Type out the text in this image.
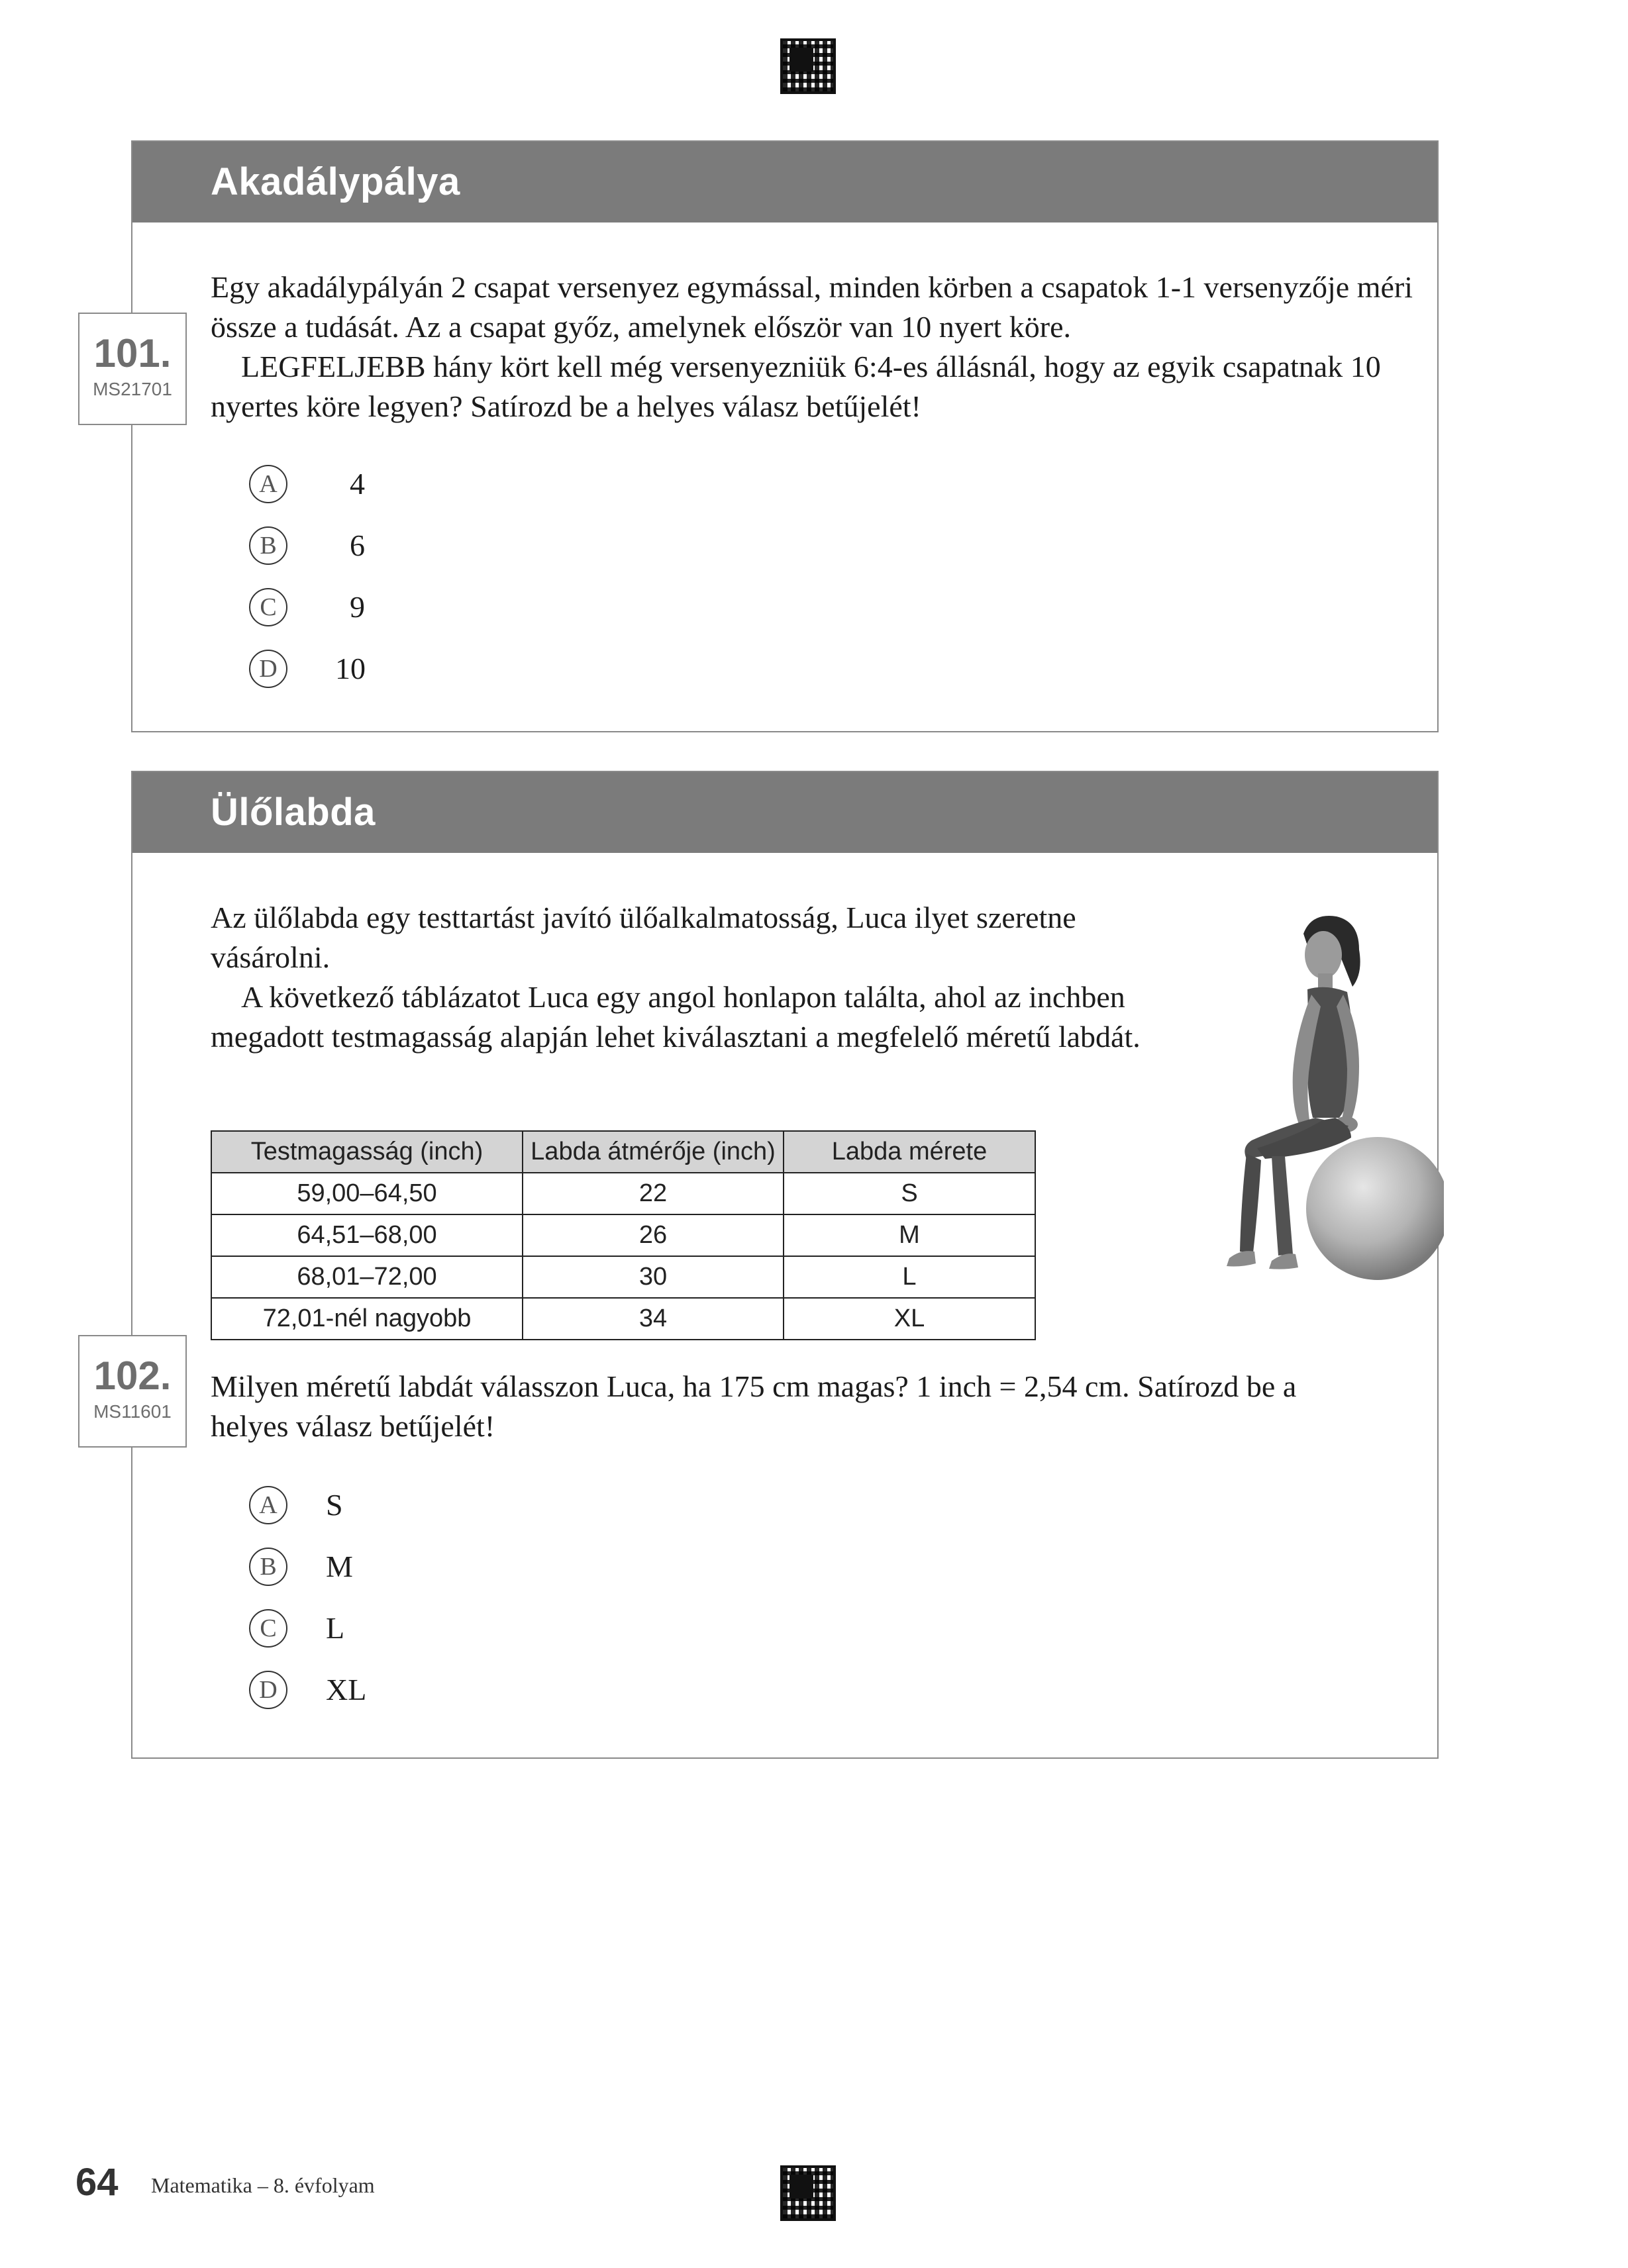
Akadálypálya
101.
MS21701

Egy akadálypályán 2 csapat versenyez egymással, minden körben a csapatok 1-1 versenyzője méri össze a tudását. Az a csapat győz, amelynek először van 10 nyert köre.

LEGFELJEBB hány kört kell még versenyezniük 6:4-es állásnál, hogy az egyik csapatnak 10 nyertes köre legyen? Satírozd be a helyes válasz betűjelét!

A	4
B	6
C	9
D	10
Ülőlabda
102.
MS11601

Az ülőlabda egy testtartást javító ülőalkalmatosság, Luca ilyet szeretne vásárolni.

A következő táblázatot Luca egy angol honlapon találta, ahol az inchben megadott testmagasság alapján lehet kiválasztani a megfelelő méretű labdát.

Testmagasság (inch)	Labda átmérője (inch)	Labda mérete
59,00–64,50	22	S
64,51–68,00	26	M
68,01–72,00	30	L
72,01-nél nagyobb	34	XL

Milyen méretű labdát válasszon Luca, ha 175 cm magas? 1 inch = 2,54 cm. Satírozd be a helyes válasz betűjelét!

A	S
B	M
C	L
D	XL
64 Matematika – 8. évfolyam
